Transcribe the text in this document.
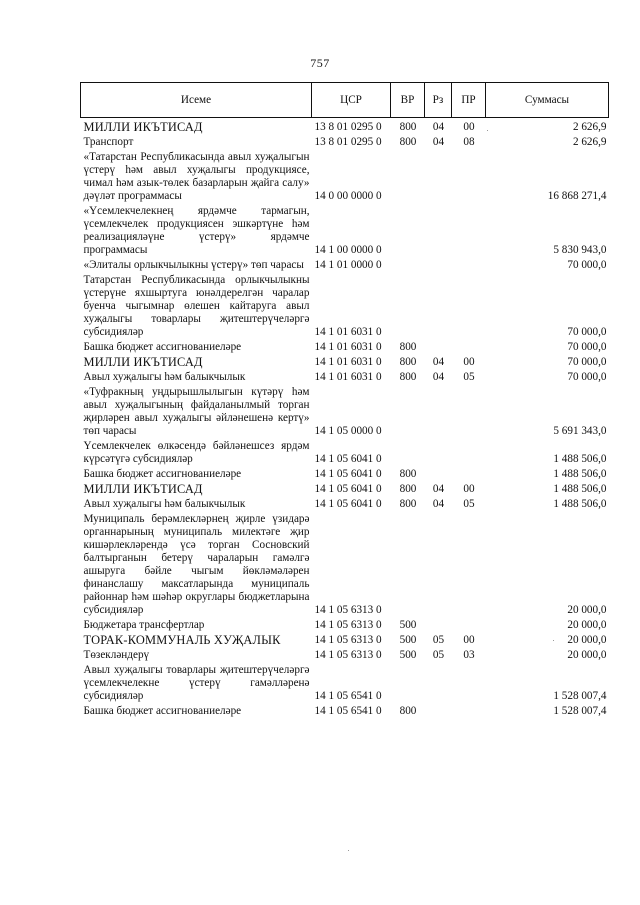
757
Исеме	ЦСР	ВР	Рз	ПР	Суммасы
МИЛЛИ ИКЪТИСАД	13 8 01 0295 0	800	04	00	2 626,9
Транспорт	13 8 01 0295 0	800	04	08	2 626,9
«Татарстан Республикасында авыл хуҗалыгын үстерү һәм авыл хуҗалыгы продукциясе, чимал һәм азык-төлек базарларын җайга салу» дәүләт программасы	14 0 00 0000 0				16 868 271,4
«Үсемлекчелекнең ярдәмче тармагын, үсемлекчелек продукциясен эшкәртүне һәм реализацияләүне үстерү» ярдәмче программасы	14 1 00 0000 0				5 830 943,0
«Элиталы орлыкчылыкны үстерү» төп чарасы	14 1 01 0000 0				70 000,0
Татарстан Республикасында орлыкчылыкны үстерүне яхшыртуга юнәлдерелгән чаралар буенча чыгымнар өлешен кайтаруга авыл хуҗалыгы товарлары җитештерүчеләргә субсидияләр	14 1 01 6031 0				70 000,0
Башка бюджет ассигнованиеләре	14 1 01 6031 0	800			70 000,0
МИЛЛИ ИКЪТИСАД	14 1 01 6031 0	800	04	00	70 000,0
Авыл хуҗалыгы һәм балыкчылык	14 1 01 6031 0	800	04	05	70 000,0
«Туфракның уңдырышлылыгын күтәрү һәм авыл хуҗалыгының файдаланылмый торган җирләрен авыл хуҗалыгы әйләнешенә кертү» төп чарасы	14 1 05 0000 0				5 691 343,0
Үсемлекчелек өлкәсендә бәйләнешсез ярдәм күрсәтүгә субсидияләр	14 1 05 6041 0				1 488 506,0
Башка бюджет ассигнованиеләре	14 1 05 6041 0	800			1 488 506,0
МИЛЛИ ИКЪТИСАД	14 1 05 6041 0	800	04	00	1 488 506,0
Авыл хуҗалыгы һәм балыкчылык	14 1 05 6041 0	800	04	05	1 488 506,0
Муниципаль берәмлекләрнең җирле үзидарә органнарының муниципаль милектәге җир кишәрлекләрендә үсә торган Сосновский балтырганын бетерү чараларын гамәлгә ашыруга бәйле чыгым йөкләмәләрен финанслашу максатларында муниципаль районнар һәм шәһәр округлары бюджетларына субсидияләр	14 1 05 6313 0				20 000,0
Бюджетара трансфертлар	14 1 05 6313 0	500			20 000,0
ТОРАК-КОММУНАЛЬ ХУҖАЛЫК	14 1 05 6313 0	500	05	00	20 000,0
Төзекләндерү	14 1 05 6313 0	500	05	03	20 000,0
Авыл хуҗалыгы товарлары җитештерүчеләргә үсемлекчелекне үстерү гамәлләренә субсидияләр	14 1 05 6541 0				1 528 007,4
Башка бюджет ассигнованиеләре	14 1 05 6541 0	800			1 528 007,4
